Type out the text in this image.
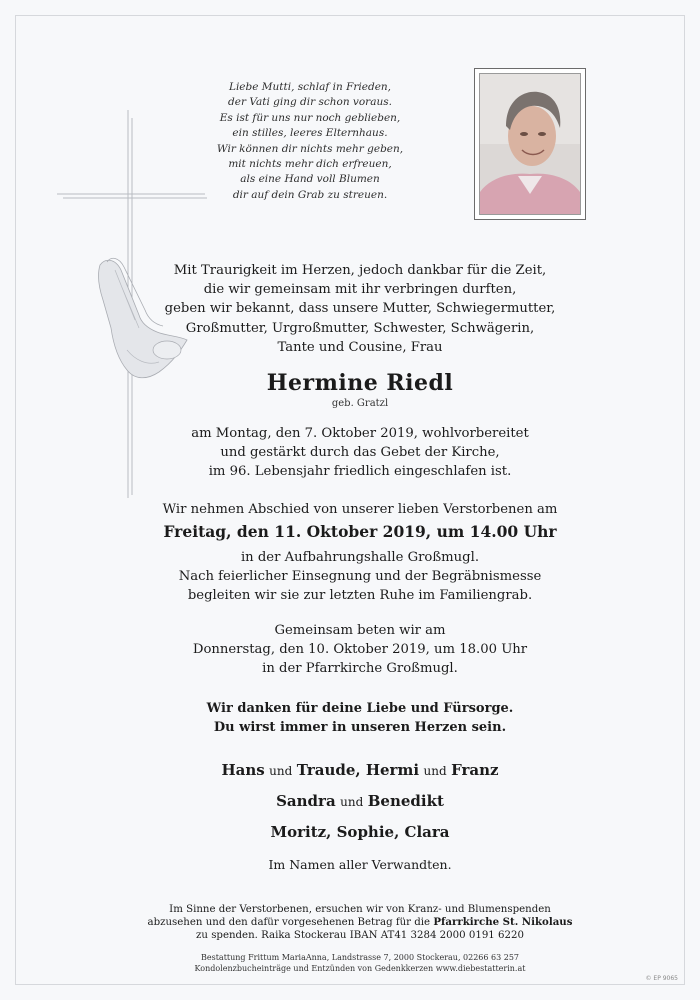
Liebe Mutti, schlaf in Frieden,
der Vati ging dir schon voraus.
Es ist für uns nur noch geblieben,
ein stilles, leeres Elternhaus.
Wir können dir nichts mehr geben,
mit nichts mehr dich erfreuen,
als eine Hand voll Blumen
dir auf dein Grab zu streuen.
Mit Traurigkeit im Herzen, jedoch dankbar für die Zeit,
die wir gemeinsam mit ihr verbringen durften,
geben wir bekannt, dass unsere Mutter, Schwiegermutter,
Großmutter, Urgroßmutter, Schwester, Schwägerin,
Tante und Cousine, Frau
Hermine Riedl
geb. Gratzl
am Montag, den 7. Oktober 2019, wohlvorbereitet
und gestärkt durch das Gebet der Kirche,
im 96. Lebensjahr friedlich eingeschlafen ist.
Wir nehmen Abschied von unserer lieben Verstorbenen am
Freitag, den 11. Oktober 2019, um 14.00 Uhr
in der Aufbahrungshalle Großmugl.
Nach feierlicher Einsegnung und der Begräbnismesse
begleiten wir sie zur letzten Ruhe im Familiengrab.
Gemeinsam beten wir am
Donnerstag, den 10. Oktober 2019, um 18.00 Uhr
in der Pfarrkirche Großmugl.
Wir danken für deine Liebe und Fürsorge.
Du wirst immer in unseren Herzen sein.
Hans und Traude, Hermi und Franz
Sandra und Benedikt
Moritz, Sophie, Clara
Im Namen aller Verwandten.
Im Sinne der Verstorbenen, ersuchen wir von Kranz- und Blumenspenden
abzusehen und den dafür vorgesehenen Betrag für die Pfarrkirche St. Nikolaus
zu spenden. Raika Stockerau IBAN AT41 3284 2000 0191 6220
Bestattung Frittum MariaAnna, Landstrasse 7, 2000 Stockerau, 02266 63 257
Kondolenzbucheinträge und Entzünden von Gedenkkerzen www.diebestatterin.at
© EP 9065
